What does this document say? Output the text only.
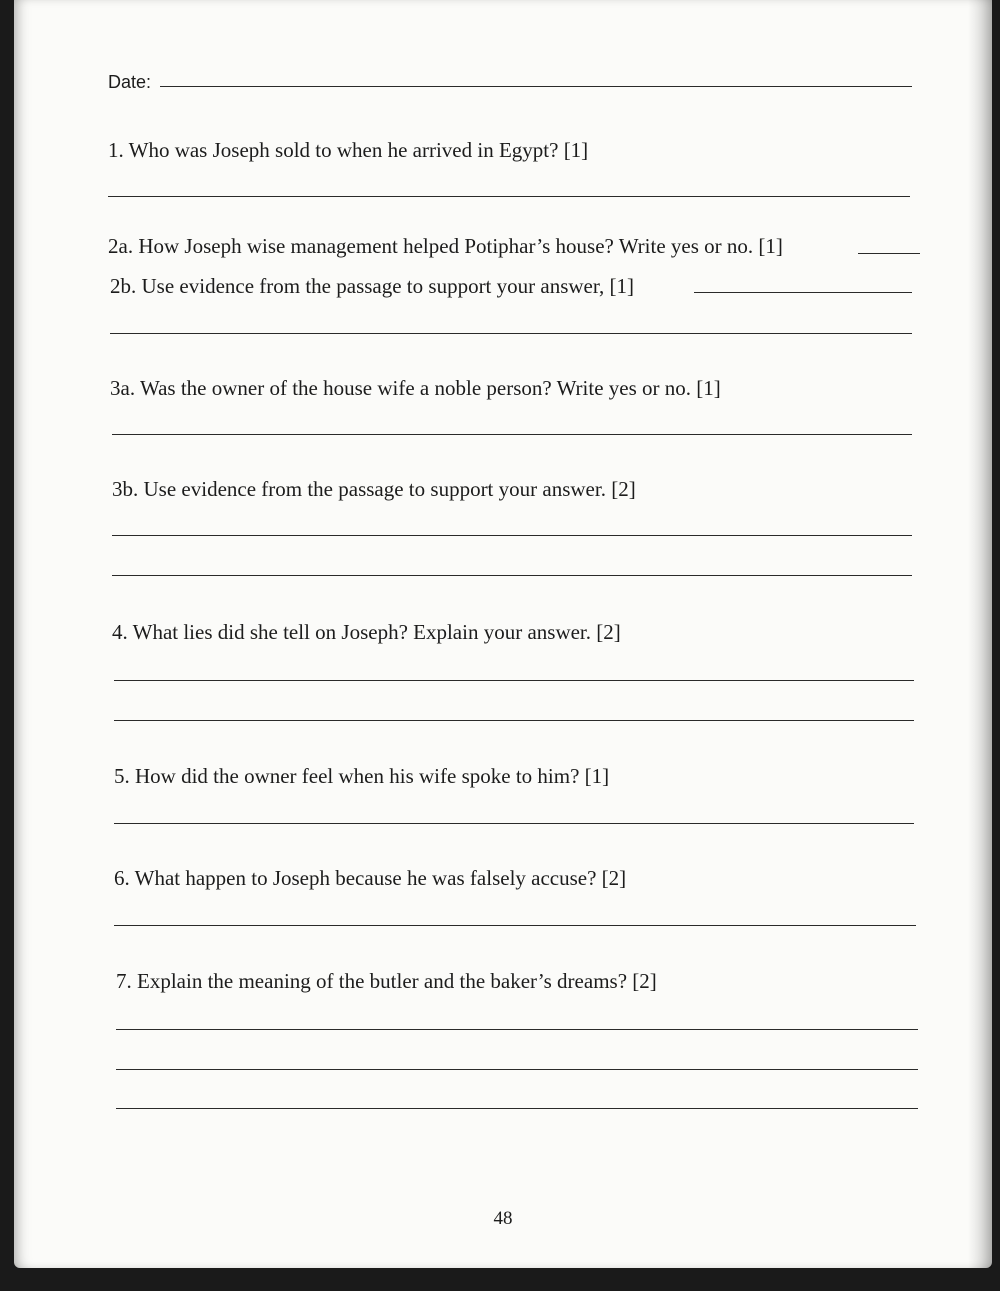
Date:

1. Who was Joseph sold to when he arrived in Egypt? [1]

2a. How Joseph wise management helped Potiphar’s house? Write yes or no. [1]

2b. Use evidence from the passage to support your answer, [1]

3a. Was the owner of the house wife a noble person? Write yes or no. [1]

3b. Use evidence from the passage to support your answer. [2]

4. What lies did she tell on Joseph? Explain your answer. [2]

5. How did the owner feel when his wife spoke to him? [1]

6. What happen to Joseph because he was falsely accuse? [2]

7. Explain the meaning of the butler and the baker’s dreams? [2]

48
